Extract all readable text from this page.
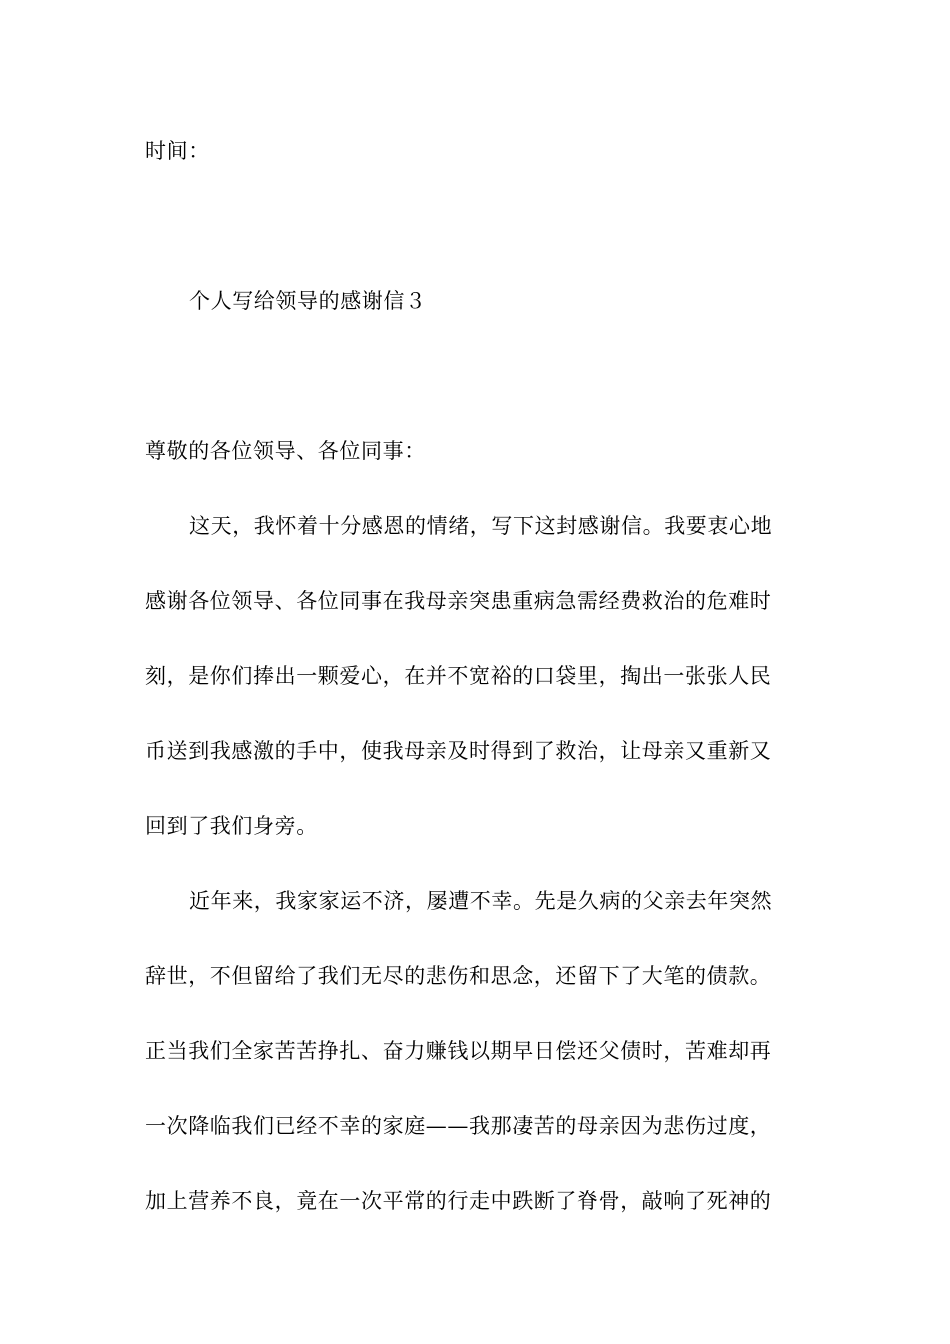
时间：
个人写给领导的感谢信３
尊敬的各位领导、各位同事：
这天，我怀着十分感恩的情绪，写下这封感谢信。我要衷心地
感谢各位领导、各位同事在我母亲突患重病急需经费救治的危难时
刻，是你们捧出一颗爱心，在并不宽裕的口袋里，掏出一张张人民
币送到我感激的手中，使我母亲及时得到了救治，让母亲又重新又
回到了我们身旁。
近年来，我家家运不济，屡遭不幸。先是久病的父亲去年突然
辞世，不但留给了我们无尽的悲伤和思念，还留下了大笔的债款。
正当我们全家苦苦挣扎、奋力赚钱以期早日偿还父债时，苦难却再
一次降临我们已经不幸的家庭——我那凄苦的母亲因为悲伤过度，
加上营养不良，竟在一次平常的行走中跌断了脊骨，敲响了死神的
